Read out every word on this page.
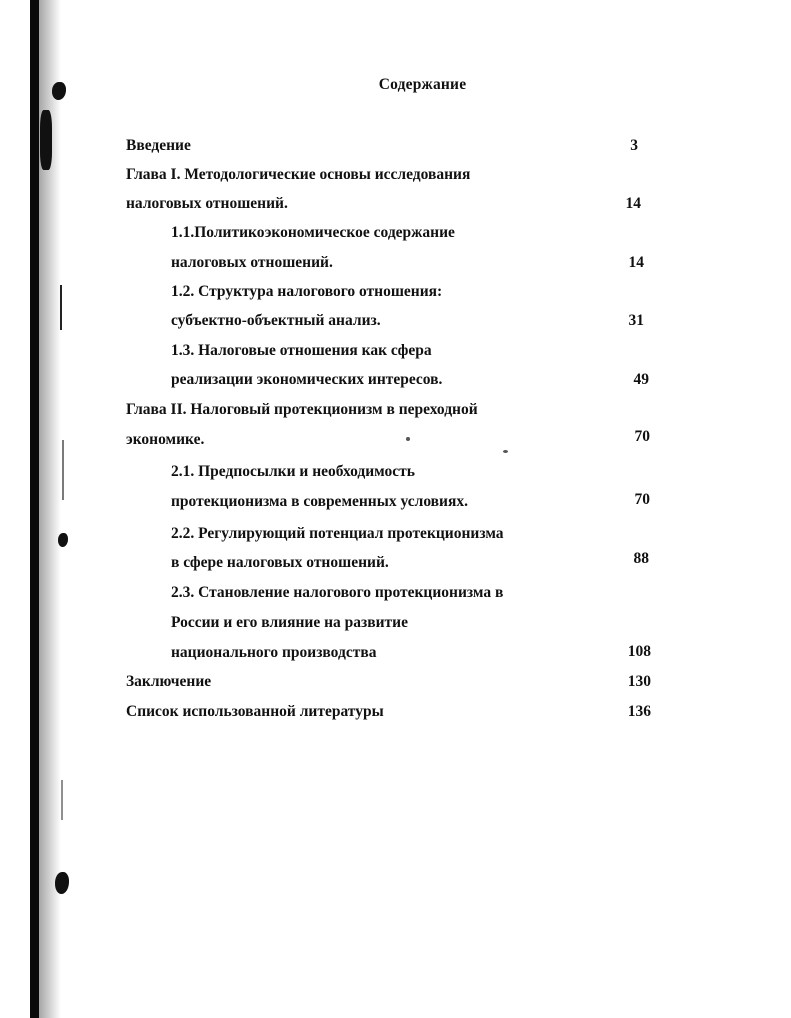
Содержание
Введение	3
Глава I. Методологические основы исследования
налоговых отношений.	14
1.1.Политикоэкономическое содержание
налоговых отношений.	14
1.2. Структура налогового отношения:
субъектно-объектный анализ.	31
1.3. Налоговые отношения как сфера
реализации экономических интересов.	49
Глава II. Налоговый протекционизм в переходной
экономике.	70
2.1. Предпосылки и необходимость
протекционизма в современных условиях.	70
2.2. Регулирующий потенциал протекционизма
в сфере налоговых отношений.	88
2.3. Становление налогового протекционизма в
России и его влияние на развитие
национального производства	108
Заключение	130
Список использованной литературы	136
